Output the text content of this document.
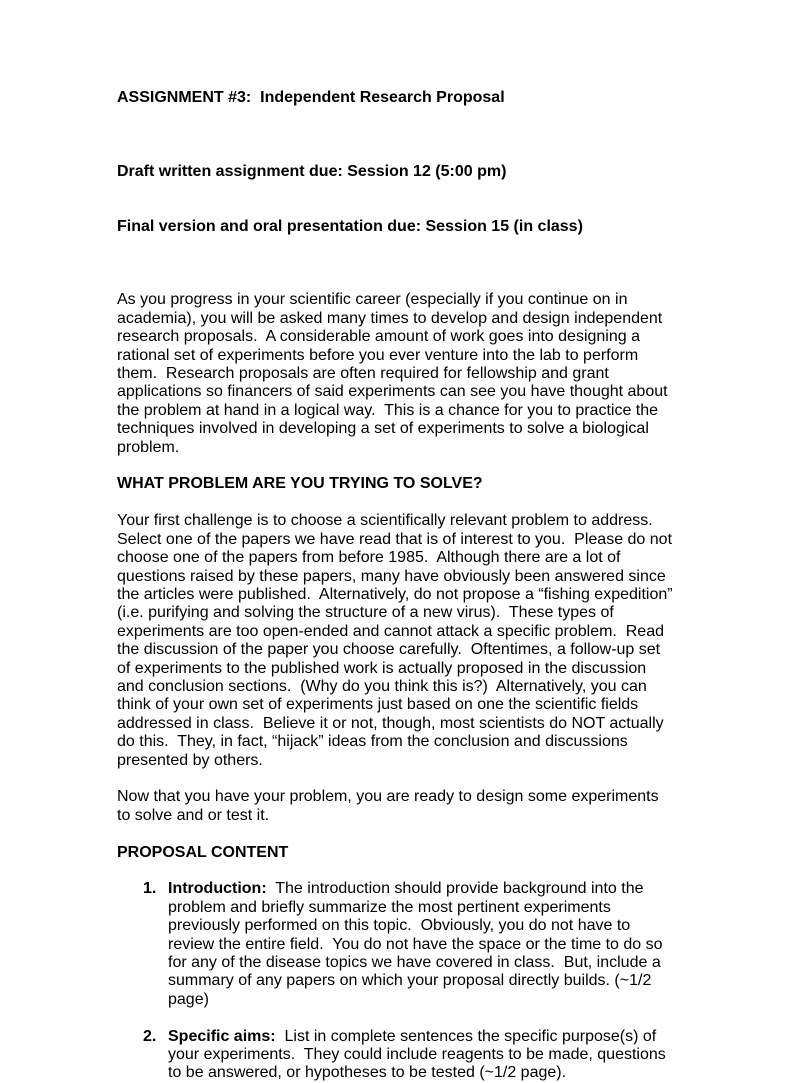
ASSIGNMENT #3:  Independent Research Proposal

Draft written assignment due: Session 12 (5:00 pm)

Final version and oral presentation due: Session 15 (in class)

As you progress in your scientific career (especially if you continue on in academia), you will be asked many times to develop and design independent research proposals.  A considerable amount of work goes into designing a rational set of experiments before you ever venture into the lab to perform them.  Research proposals are often required for fellowship and grant applications so financers of said experiments can see you have thought about the problem at hand in a logical way.  This is a chance for you to practice the techniques involved in developing a set of experiments to solve a biological problem.
WHAT PROBLEM ARE YOU TRYING TO SOLVE?
Your first challenge is to choose a scientifically relevant problem to address.  Select one of the papers we have read that is of interest to you.  Please do not choose one of the papers from before 1985.  Although there are a lot of questions raised by these papers, many have obviously been answered since the articles were published.  Alternatively, do not propose a “fishing expedition” (i.e. purifying and solving the structure of a new virus).  These types of experiments are too open-ended and cannot attack a specific problem.  Read the discussion of the paper you choose carefully.  Oftentimes, a follow-up set of experiments to the published work is actually proposed in the discussion and conclusion sections.  (Why do you think this is?)  Alternatively, you can think of your own set of experiments just based on one the scientific fields addressed in class.  Believe it or not, though, most scientists do NOT actually do this.  They, in fact, “hijack” ideas from the conclusion and discussions presented by others.
Now that you have your problem, you are ready to design some experiments to solve and or test it.
PROPOSAL CONTENT
1. Introduction:  The introduction should provide background into the problem and briefly summarize the most pertinent experiments previously performed on this topic.  Obviously, you do not have to review the entire field.  You do not have the space or the time to do so for any of the disease topics we have covered in class.  But, include a summary of any papers on which your proposal directly builds. (~1/2 page)
2. Specific aims:  List in complete sentences the specific purpose(s) of your experiments.  They could include reagents to be made, questions to be answered, or hypotheses to be tested (~1/2 page).
